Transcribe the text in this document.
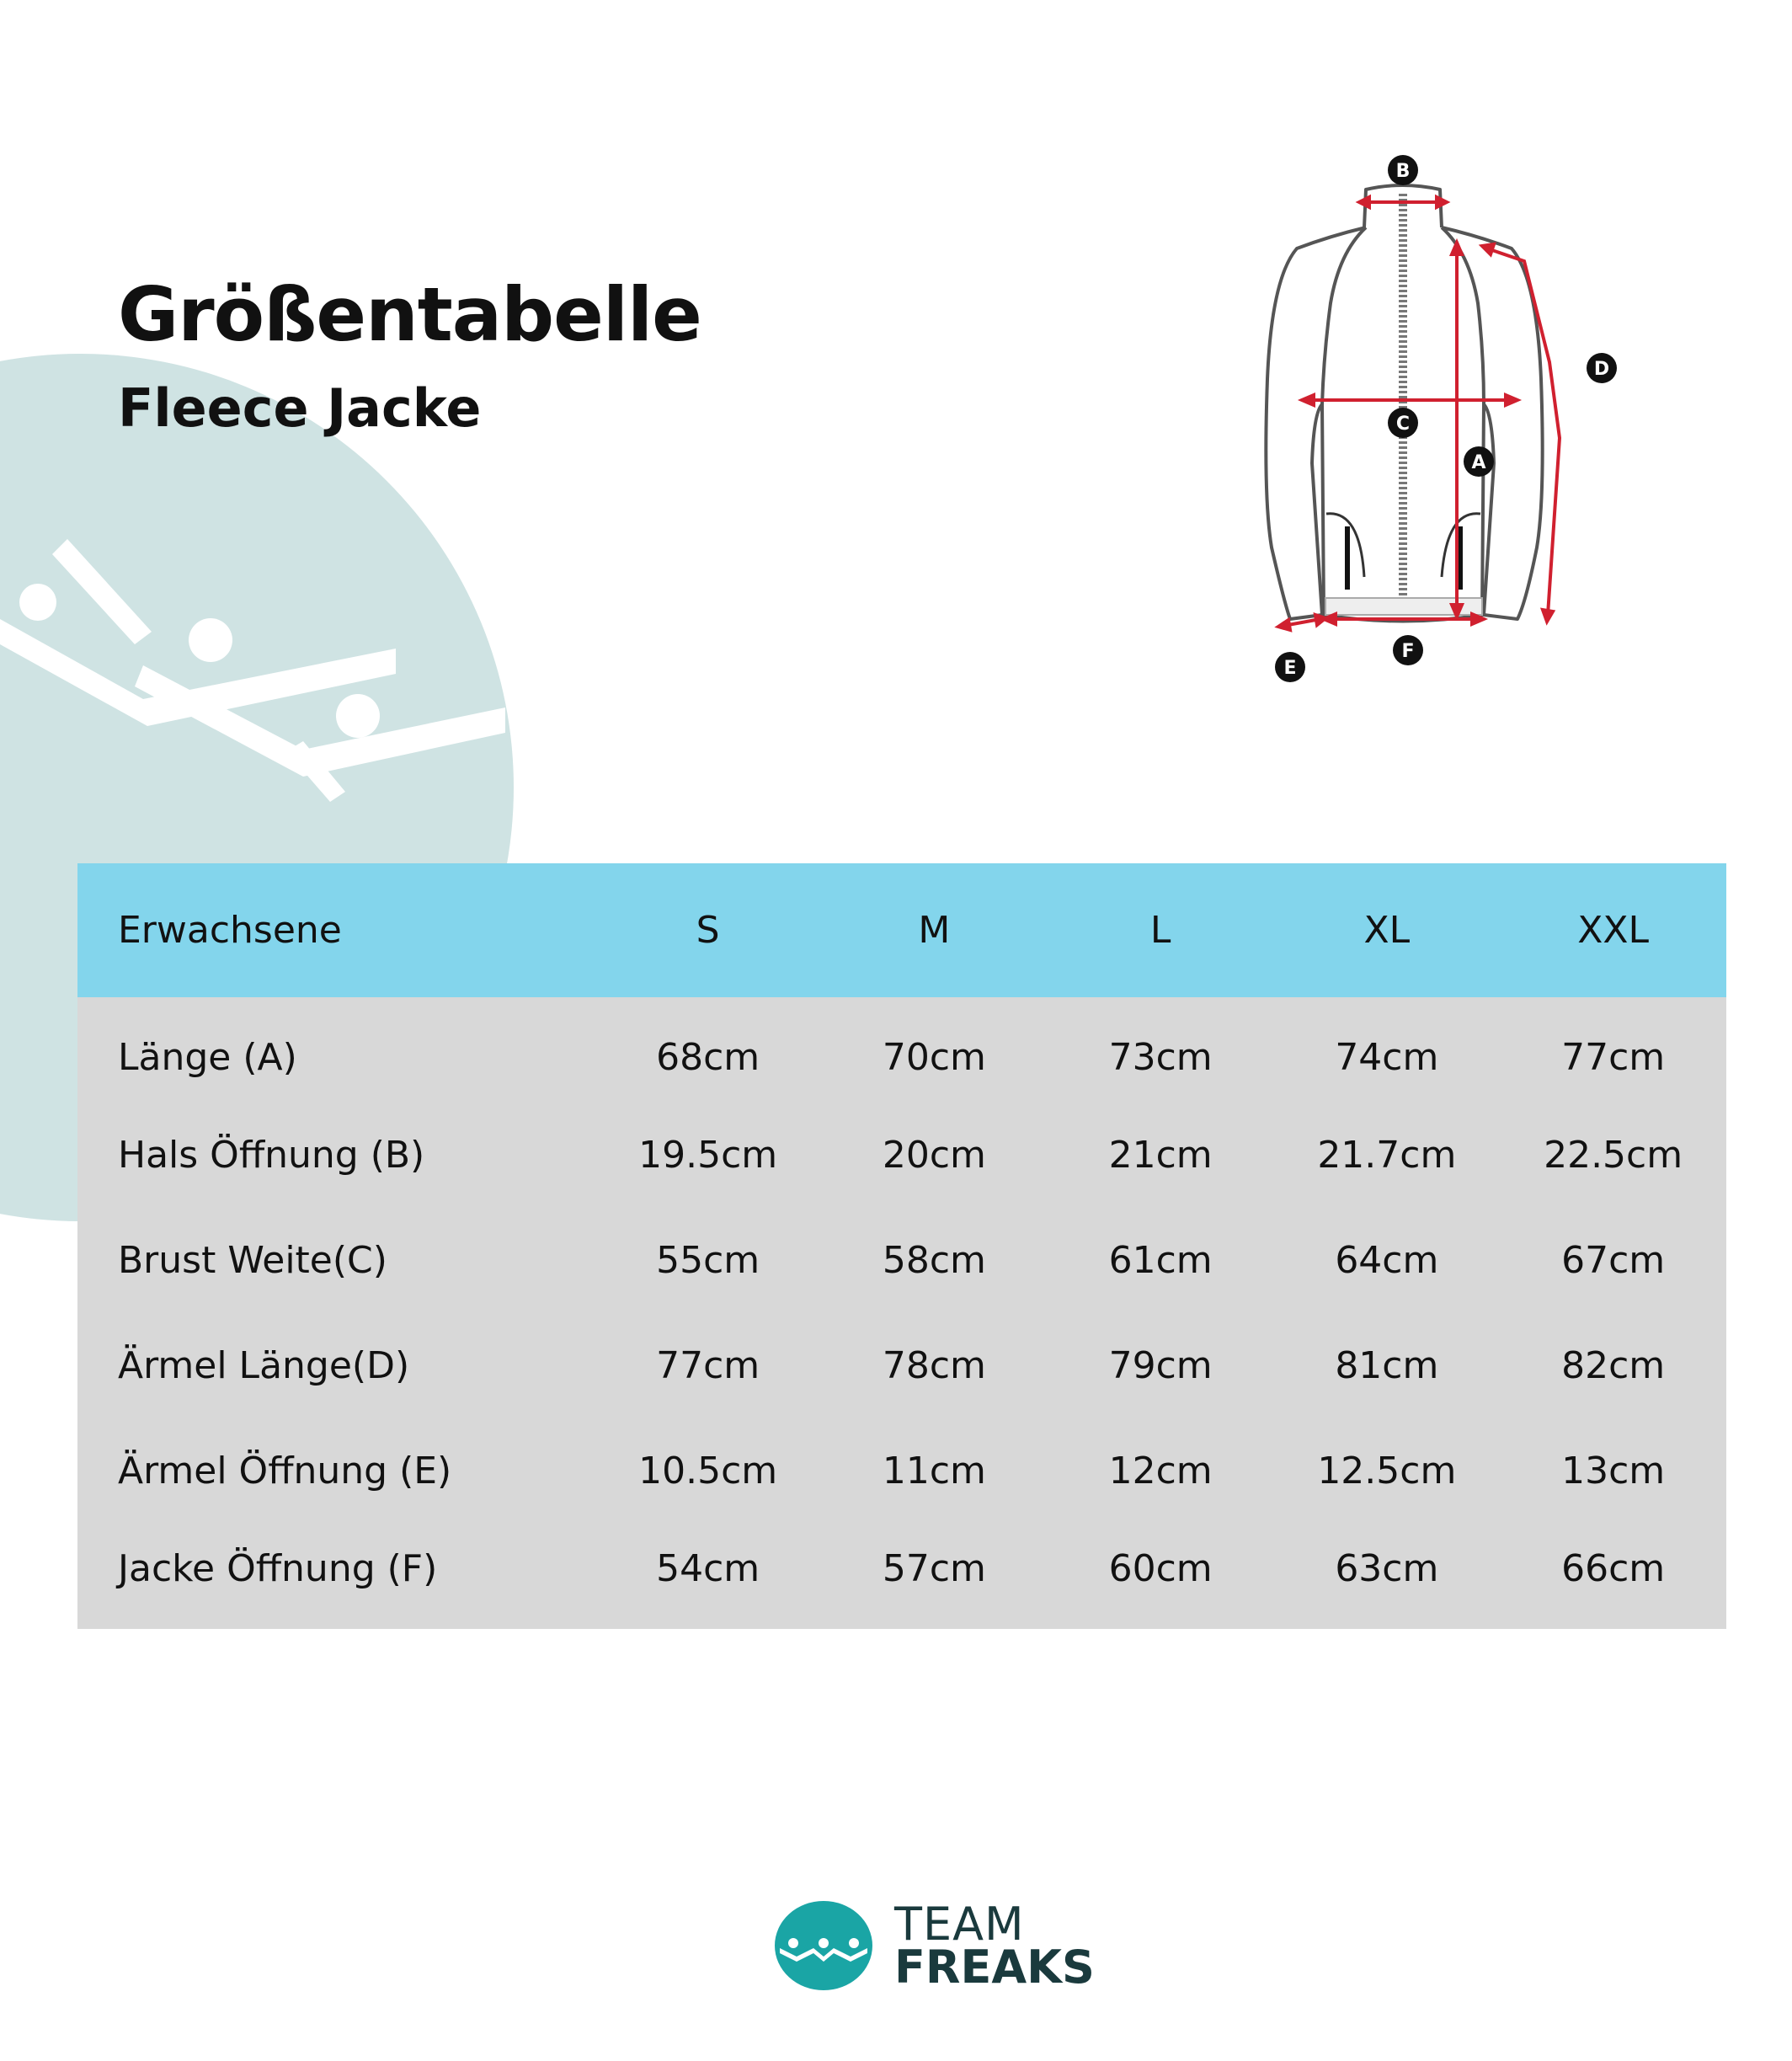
Größentabelle
Fleece Jacke
B
D
C
A
F
E
Erwachsene	S	M	L	XL	XXL
Länge (A)	68cm	70cm	73cm	74cm	77cm
Hals Öffnung (B)	19.5cm	20cm	21cm	21.7cm	22.5cm
Brust Weite(C)	55cm	58cm	61cm	64cm	67cm
Ärmel Länge(D)	77cm	78cm	79cm	81cm	82cm
Ärmel Öffnung (E)	10.5cm	11cm	12cm	12.5cm	13cm
Jacke Öffnung (F)	54cm	57cm	60cm	63cm	66cm
TEAM
FREAKS
